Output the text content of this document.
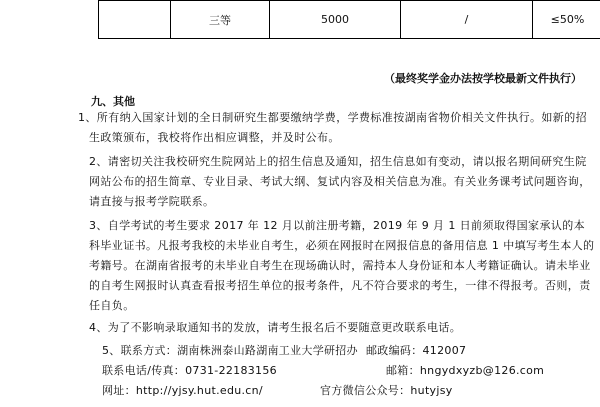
	三等	5000	/	≤50%
（最终奖学金办法按学校最新文件执行）
九、其他

1、所有纳入国家计划的全日制研究生都要缴纳学费，学费标准按湖南省物价相关文件执行。如新的招生政策颁布，我校将作出相应调整，并及时公布。

2、请密切关注我校研究生院网站上的招生信息及通知，招生信息如有变动，请以报名期间研究生院网站公布的招生简章、专业目录、考试大纲、复试内容及相关信息为准。有关业务课考试问题咨询，请直接与报考学院联系。

3、自学考试的考生要求 2017 年 12 月以前注册考籍，2019 年 9 月 1 日前须取得国家承认的本科毕业证书。凡报考我校的未毕业自考生，必须在网报时在网报信息的备用信息 1 中填写考生本人的考籍号。在湖南省报考的未毕业自考生在现场确认时，需持本人身份证和本人考籍证确认。请未毕业的自考生网报时认真查看报考招生单位的报考条件，凡不符合要求的考生，一律不得报考。否则，责任自负。

4、为了不影响录取通知书的发放，请考生报名后不要随意更改联系电话。

5、联系方式：湖南株洲泰山路湖南工业大学研招办 邮政编码：412007
联系电话/传真：0731-22183156	邮箱：hngydxyzb@126.com
网址：http://yjsy.hut.edu.cn/	官方微信公众号：hutyjsy
